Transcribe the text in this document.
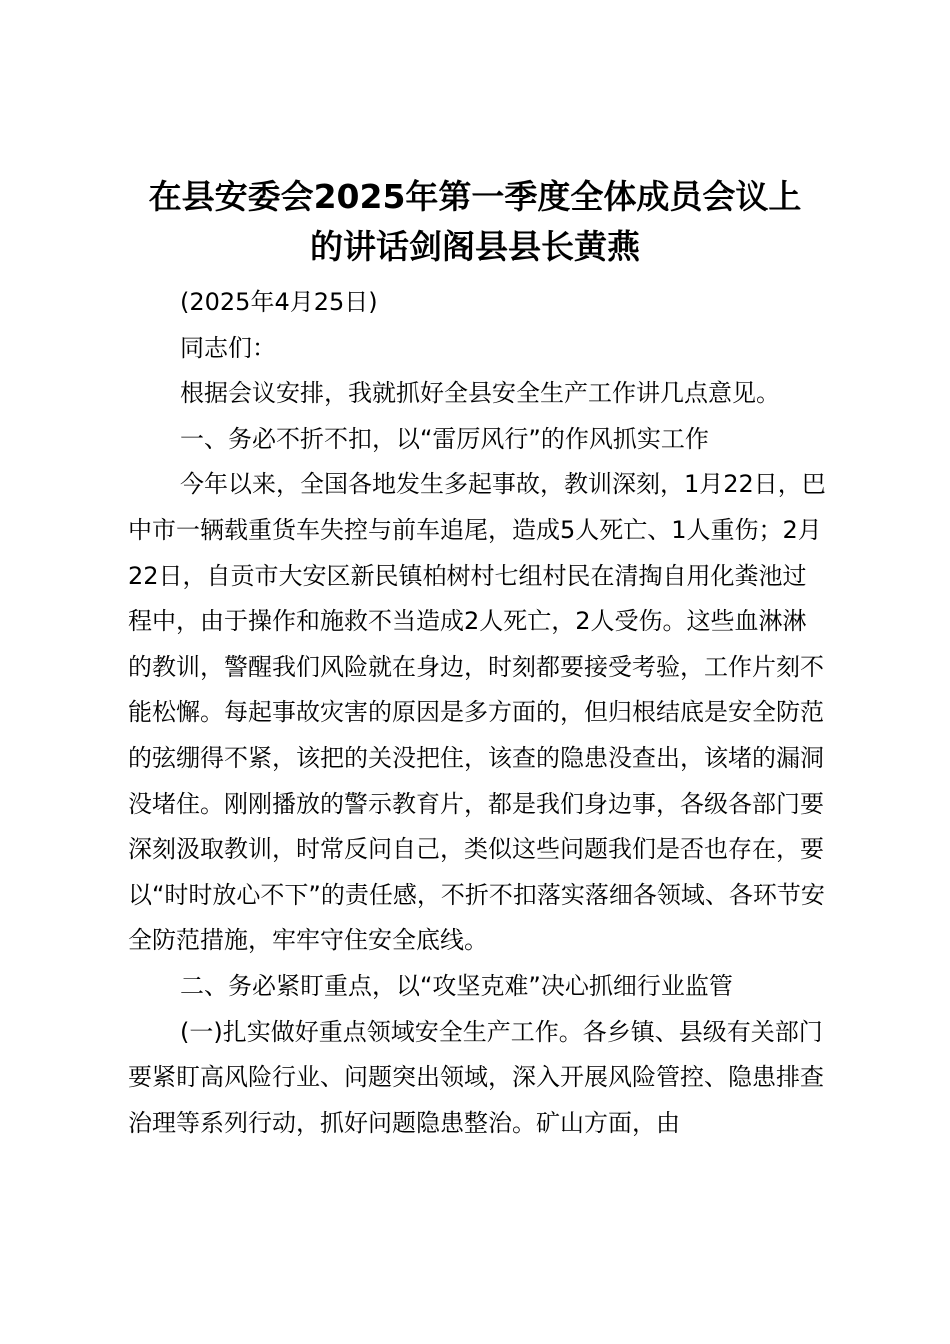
在县安委会2025年第一季度全体成员会议上
的讲话剑阁县县长黄燕

(2025年4月25日)

同志们：

根据会议安排，我就抓好全县安全生产工作讲几点意见。

一、务必不折不扣，以“雷厉风行”的作风抓实工作

今年以来，全国各地发生多起事故，教训深刻，1月22日，巴中市一辆载重货车失控与前车追尾，造成5人死亡、1人重伤；2月22日，自贡市大安区新民镇柏树村七组村民在清掏自用化粪池过程中，由于操作和施救不当造成2人死亡，2人受伤。这些血淋淋的教训，警醒我们风险就在身边，时刻都要接受考验，工作片刻不能松懈。每起事故灾害的原因是多方面的，但归根结底是安全防范的弦绷得不紧，该把的关没把住，该查的隐患没查出，该堵的漏洞没堵住。刚刚播放的警示教育片，都是我们身边事，各级各部门要深刻汲取教训，时常反问自己，类似这些问题我们是否也存在，要以“时时放心不下”的责任感，不折不扣落实落细各领域、各环节安全防范措施，牢牢守住安全底线。

二、务必紧盯重点，以“攻坚克难”决心抓细行业监管

(一)扎实做好重点领域安全生产工作。各乡镇、县级有关部门要紧盯高风险行业、问题突出领域，深入开展风险管控、隐患排查治理等系列行动，抓好问题隐患整治。矿山方面，由
